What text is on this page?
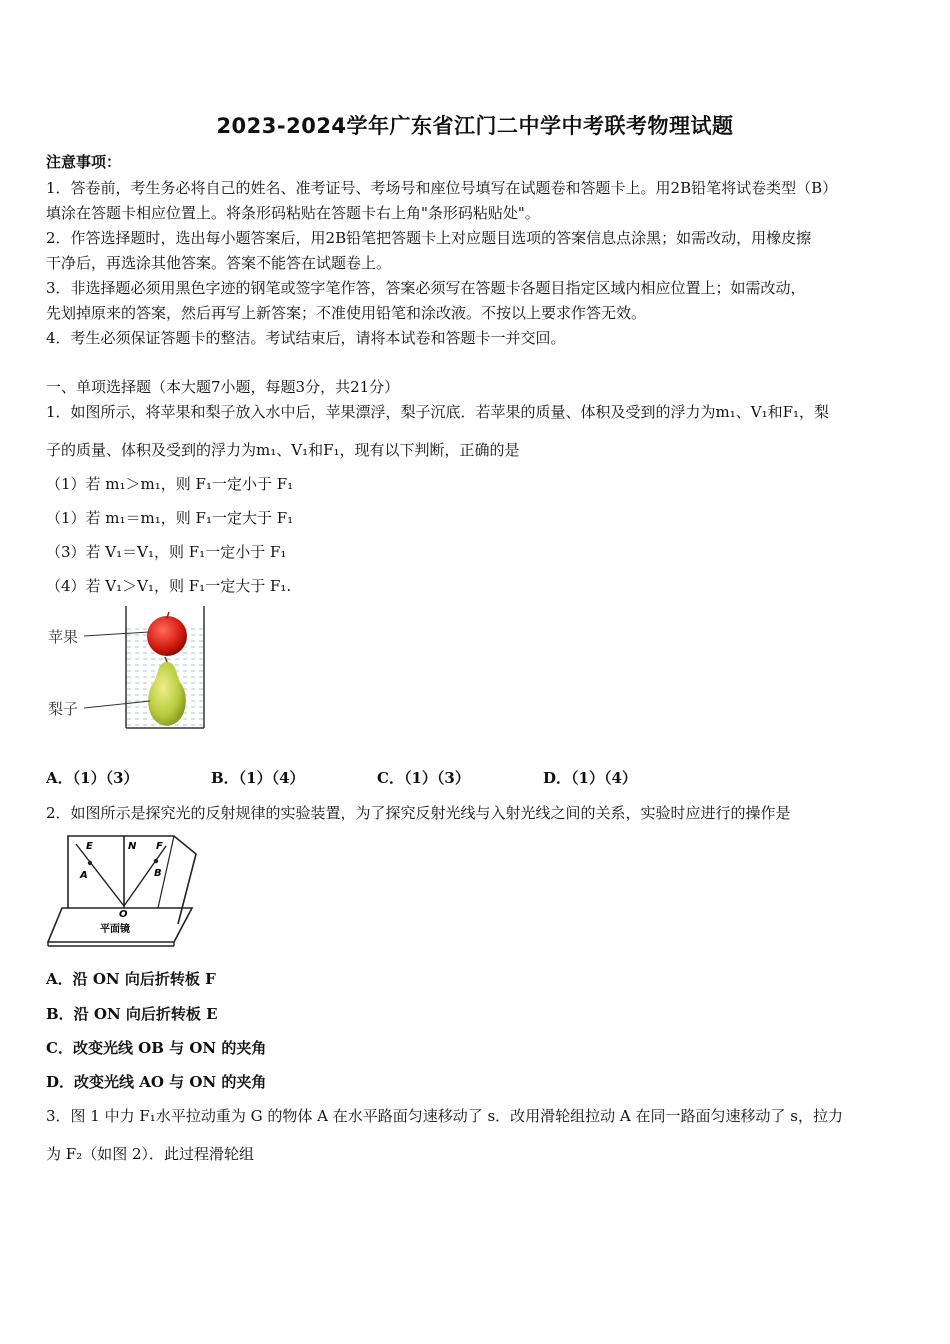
2023-2024学年广东省江门二中学中考联考物理试题
注意事项：
1．答卷前，考生务必将自己的姓名、准考证号、考场号和座位号填写在试题卷和答题卡上。用2B铅笔将试卷类型（B）
填涂在答题卡相应位置上。将条形码粘贴在答题卡右上角"条形码粘贴处"。
2．作答选择题时，选出每小题答案后，用2B铅笔把答题卡上对应题目选项的答案信息点涂黑；如需改动，用橡皮擦
干净后，再选涂其他答案。答案不能答在试题卷上。
3．非选择题必须用黑色字迹的钢笔或签字笔作答，答案必须写在答题卡各题目指定区域内相应位置上；如需改动，
先划掉原来的答案，然后再写上新答案；不准使用铅笔和涂改液。不按以上要求作答无效。
4．考生必须保证答题卡的整洁。考试结束后，请将本试卷和答题卡一并交回。
一、单项选择题（本大题7小题，每题3分，共21分）
1．如图所示，将苹果和梨子放入水中后，苹果漂浮，梨子沉底．若苹果的质量、体积及受到的浮力为m₁、V₁和F₁，梨
子的质量、体积及受到的浮力为m₁、V₁和F₁，现有以下判断，正确的是
（1）若 m₁＞m₁，则 F₁一定小于 F₁
（1）若 m₁＝m₁，则 F₁一定大于 F₁
（3）若 V₁＝V₁，则 F₁一定小于 F₁
（4）若 V₁＞V₁，则 F₁一定大于 F₁.
苹果
梨子
A．（1）（3）	B．（1）（4）	C．（1）（3）	D．（1）（4）
2．如图所示是探究光的反射规律的实验装置，为了探究反射光线与入射光线之间的关系，实验时应进行的操作是
E	N F
A	B
O
平面镜
A．沿 ON 向后折转板 F
B．沿 ON 向后折转板 E
C．改变光线 OB 与 ON 的夹角
D．改变光线 AO 与 ON 的夹角
3．图 1 中力 F₁水平拉动重为 G 的物体 A 在水平路面匀速移动了 s．改用滑轮组拉动 A 在同一路面匀速移动了 s，拉力
为 F₂（如图 2）．此过程滑轮组
